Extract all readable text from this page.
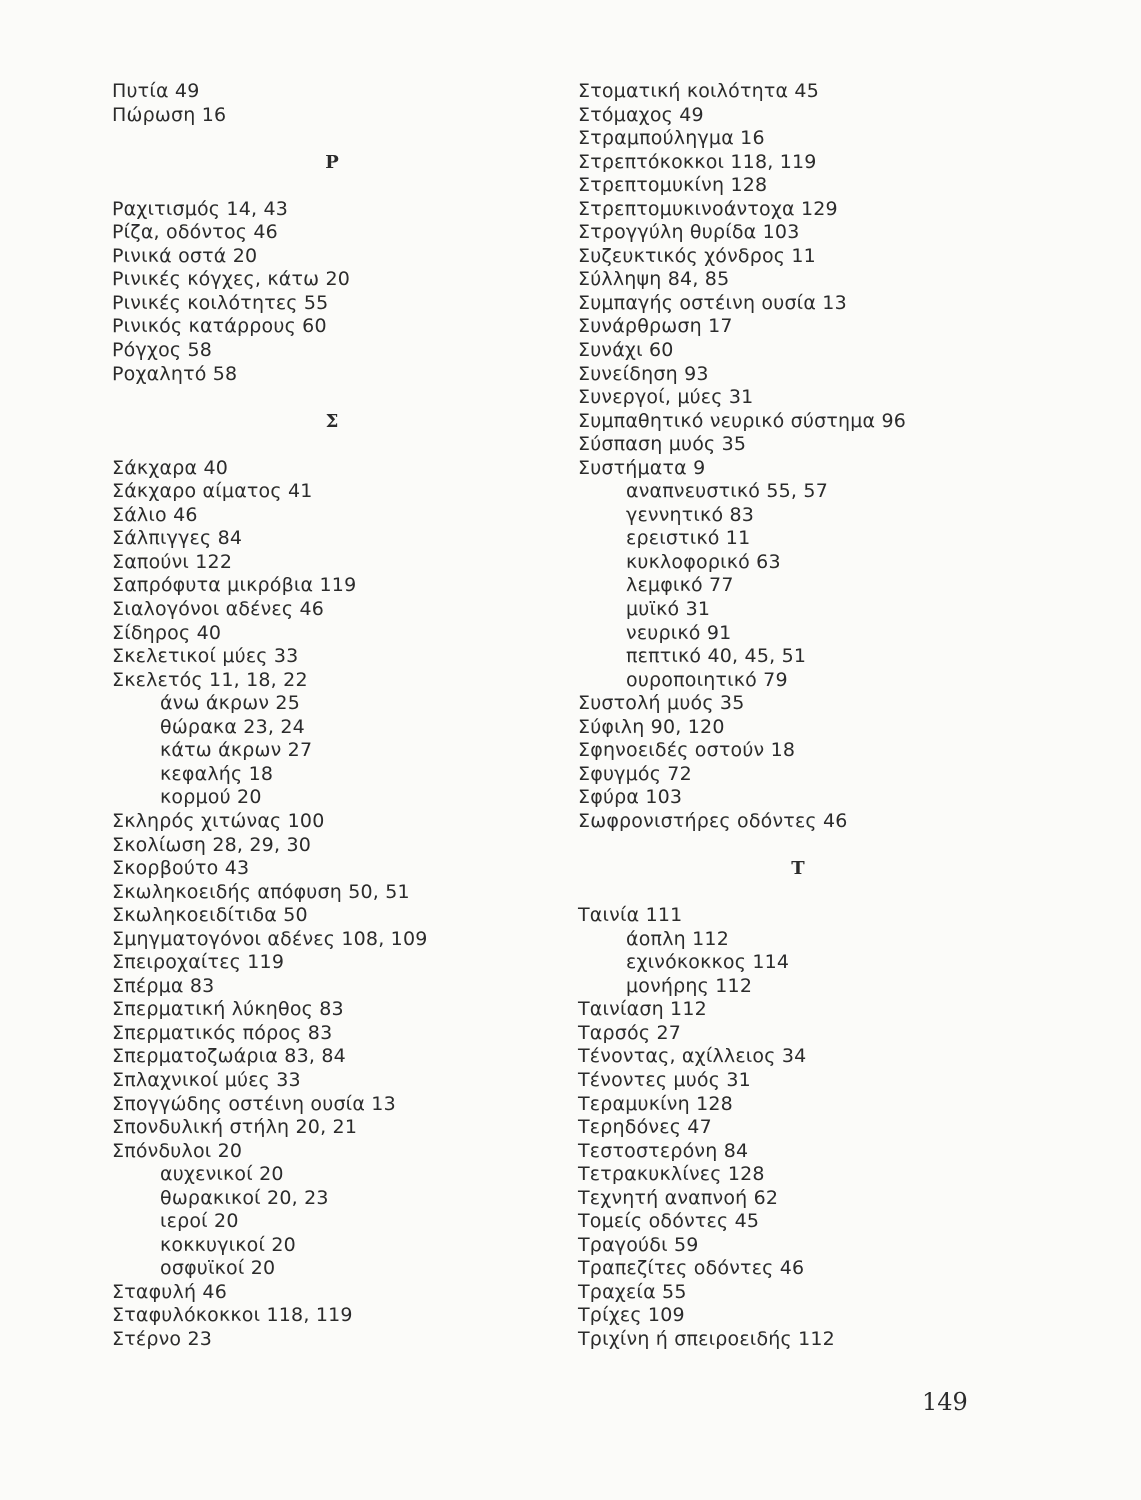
Πυτία 49
Πώρωση 16
Ρ
Ραχιτισμός 14, 43
Ρίζα, οδόντος 46
Ρινικά οστά 20
Ρινικές κόγχες, κάτω 20
Ρινικές κοιλότητες 55
Ρινικός κατάρρους 60
Ρόγχος 58
Ροχαλητό 58
Σ
Σάκχαρα 40
Σάκχαρο αίματος 41
Σάλιο 46
Σάλπιγγες 84
Σαπούνι 122
Σαπρόφυτα μικρόβια 119
Σιαλογόνοι αδένες 46
Σίδηρος 40
Σκελετικοί μύες 33
Σκελετός 11, 18, 22
άνω άκρων 25
θώρακα 23, 24
κάτω άκρων 27
κεφαλής 18
κορμού 20
Σκληρός χιτώνας 100
Σκολίωση 28, 29, 30
Σκορβούτο 43
Σκωληκοειδής απόφυση 50, 51
Σκωληκοειδίτιδα 50
Σμηγματογόνοι αδένες 108, 109
Σπειροχαίτες 119
Σπέρμα 83
Σπερματική λύκηθος 83
Σπερματικός πόρος 83
Σπερματοζωάρια 83, 84
Σπλαχνικοί μύες 33
Σπογγώδης οστέινη ουσία 13
Σπονδυλική στήλη 20, 21
Σπόνδυλοι 20
αυχενικοί 20
θωρακικοί 20, 23
ιεροί 20
κοκκυγικοί 20
οσφυϊκοί 20
Σταφυλή 46
Σταφυλόκοκκοι 118, 119
Στέρνο 23
Στοματική κοιλότητα 45
Στόμαχος 49
Στραμπούληγμα 16
Στρεπτόκοκκοι 118, 119
Στρεπτομυκίνη 128
Στρεπτομυκινοάντοχα 129
Στρογγύλη θυρίδα 103
Συζευκτικός χόνδρος 11
Σύλληψη 84, 85
Συμπαγής οστέινη ουσία 13
Συνάρθρωση 17
Συνάχι 60
Συνείδηση 93
Συνεργοί, μύες 31
Συμπαθητικό νευρικό σύστημα 96
Σύσπαση μυός 35
Συστήματα 9
αναπνευστικό 55, 57
γεννητικό 83
ερειστικό 11
κυκλοφορικό 63
λεμφικό 77
μυϊκό 31
νευρικό 91
πεπτικό 40, 45, 51
ουροποιητικό 79
Συστολή μυός 35
Σύφιλη 90, 120
Σφηνοειδές οστούν 18
Σφυγμός 72
Σφύρα 103
Σωφρονιστήρες οδόντες 46
Τ
Ταινία 111
άοπλη 112
εχινόκοκκος 114
μονήρης 112
Ταινίαση 112
Ταρσός 27
Τένοντας, αχίλλειος 34
Τένοντες μυός 31
Τεραμυκίνη 128
Τερηδόνες 47
Τεστοστερόνη 84
Τετρακυκλίνες 128
Τεχνητή αναπνοή 62
Τομείς οδόντες 45
Τραγούδι 59
Τραπεζίτες οδόντες 46
Τραχεία 55
Τρίχες 109
Τριχίνη ή σπειροειδής 112
149
